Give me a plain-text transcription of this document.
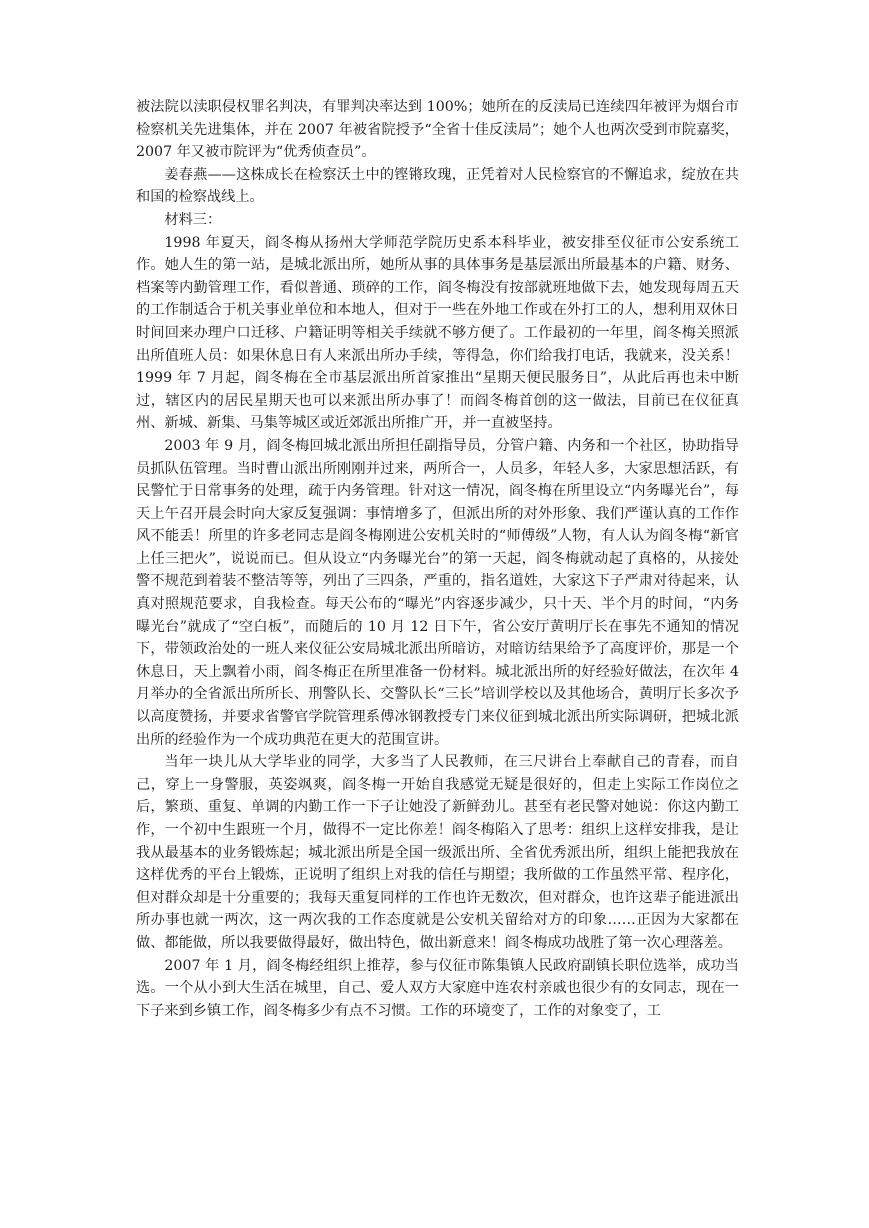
被法院以渎职侵权罪名判决，有罪判决率达到 100%；她所在的反渎局已连续四年被评为烟台市检察机关先进集体，并在 2007 年被省院授予“全省十佳反渎局”；她个人也两次受到市院嘉奖，2007 年又被市院评为“优秀侦查员”。

姜春燕——这株成长在检察沃土中的铿锵玫瑰，正凭着对人民检察官的不懈追求，绽放在共和国的检察战线上。

材料三：

1998 年夏天，阎冬梅从扬州大学师范学院历史系本科毕业，被安排至仪征市公安系统工作。她人生的第一站，是城北派出所，她所从事的具体事务是基层派出所最基本的户籍、财务、档案等内勤管理工作，看似普通、琐碎的工作，阎冬梅没有按部就班地做下去，她发现每周五天的工作制适合于机关事业单位和本地人，但对于一些在外地工作或在外打工的人，想利用双休日时间回来办理户口迁移、户籍证明等相关手续就不够方便了。工作最初的一年里，阎冬梅关照派出所值班人员：如果休息日有人来派出所办手续，等得急，你们给我打电话，我就来，没关系！1999 年 7 月起，阎冬梅在全市基层派出所首家推出“星期天便民服务日”，从此后再也未中断过，辖区内的居民星期天也可以来派出所办事了！而阎冬梅首创的这一做法，目前已在仪征真州、新城、新集、马集等城区或近郊派出所推广开，并一直被坚持。

2003 年 9 月，阎冬梅回城北派出所担任副指导员，分管户籍、内务和一个社区，协助指导员抓队伍管理。当时曹山派出所刚刚并过来，两所合一，人员多，年轻人多，大家思想活跃，有民警忙于日常事务的处理，疏于内务管理。针对这一情况，阎冬梅在所里设立“内务曝光台”，每天上午召开晨会时向大家反复强调：事情增多了，但派出所的对外形象、我们严谨认真的工作作风不能丢！所里的许多老同志是阎冬梅刚进公安机关时的“师傅级”人物，有人认为阎冬梅“新官上任三把火”，说说而已。但从设立“内务曝光台”的第一天起，阎冬梅就动起了真格的，从接处警不规范到着装不整洁等等，列出了三四条，严重的，指名道姓，大家这下子严肃对待起来，认真对照规范要求，自我检查。每天公布的“曝光”内容逐步减少，只十天、半个月的时间，“内务曝光台”就成了“空白板”，而随后的 10 月 12 日下午，省公安厅黄明厅长在事先不通知的情况下，带领政治处的一班人来仪征公安局城北派出所暗访，对暗访结果给予了高度评价，那是一个休息日，天上飘着小雨，阎冬梅正在所里准备一份材料。城北派出所的好经验好做法，在次年 4 月举办的全省派出所所长、刑警队长、交警队长“三长”培训学校以及其他场合，黄明厅长多次予以高度赞扬，并要求省警官学院管理系傅冰钢教授专门来仪征到城北派出所实际调研，把城北派出所的经验作为一个成功典范在更大的范围宣讲。

当年一块儿从大学毕业的同学，大多当了人民教师，在三尺讲台上奉献自己的青春，而自己，穿上一身警服，英姿飒爽，阎冬梅一开始自我感觉无疑是很好的，但走上实际工作岗位之后，繁琐、重复、单调的内勤工作一下子让她没了新鲜劲儿。甚至有老民警对她说：你这内勤工作，一个初中生跟班一个月，做得不一定比你差！阎冬梅陷入了思考：组织上这样安排我，是让我从最基本的业务锻炼起；城北派出所是全国一级派出所、全省优秀派出所，组织上能把我放在这样优秀的平台上锻炼，正说明了组织上对我的信任与期望；我所做的工作虽然平常、程序化，但对群众却是十分重要的；我每天重复同样的工作也许无数次，但对群众，也许这辈子能进派出所办事也就一两次，这一两次我的工作态度就是公安机关留给对方的印象……正因为大家都在做、都能做，所以我要做得最好，做出特色，做出新意来！阎冬梅成功战胜了第一次心理落差。

2007 年 1 月，阎冬梅经组织上推荐，参与仪征市陈集镇人民政府副镇长职位选举，成功当选。一个从小到大生活在城里，自己、爱人双方大家庭中连农村亲戚也很少有的女同志，现在一下子来到乡镇工作，阎冬梅多少有点不习惯。工作的环境变了，工作的对象变了，工
